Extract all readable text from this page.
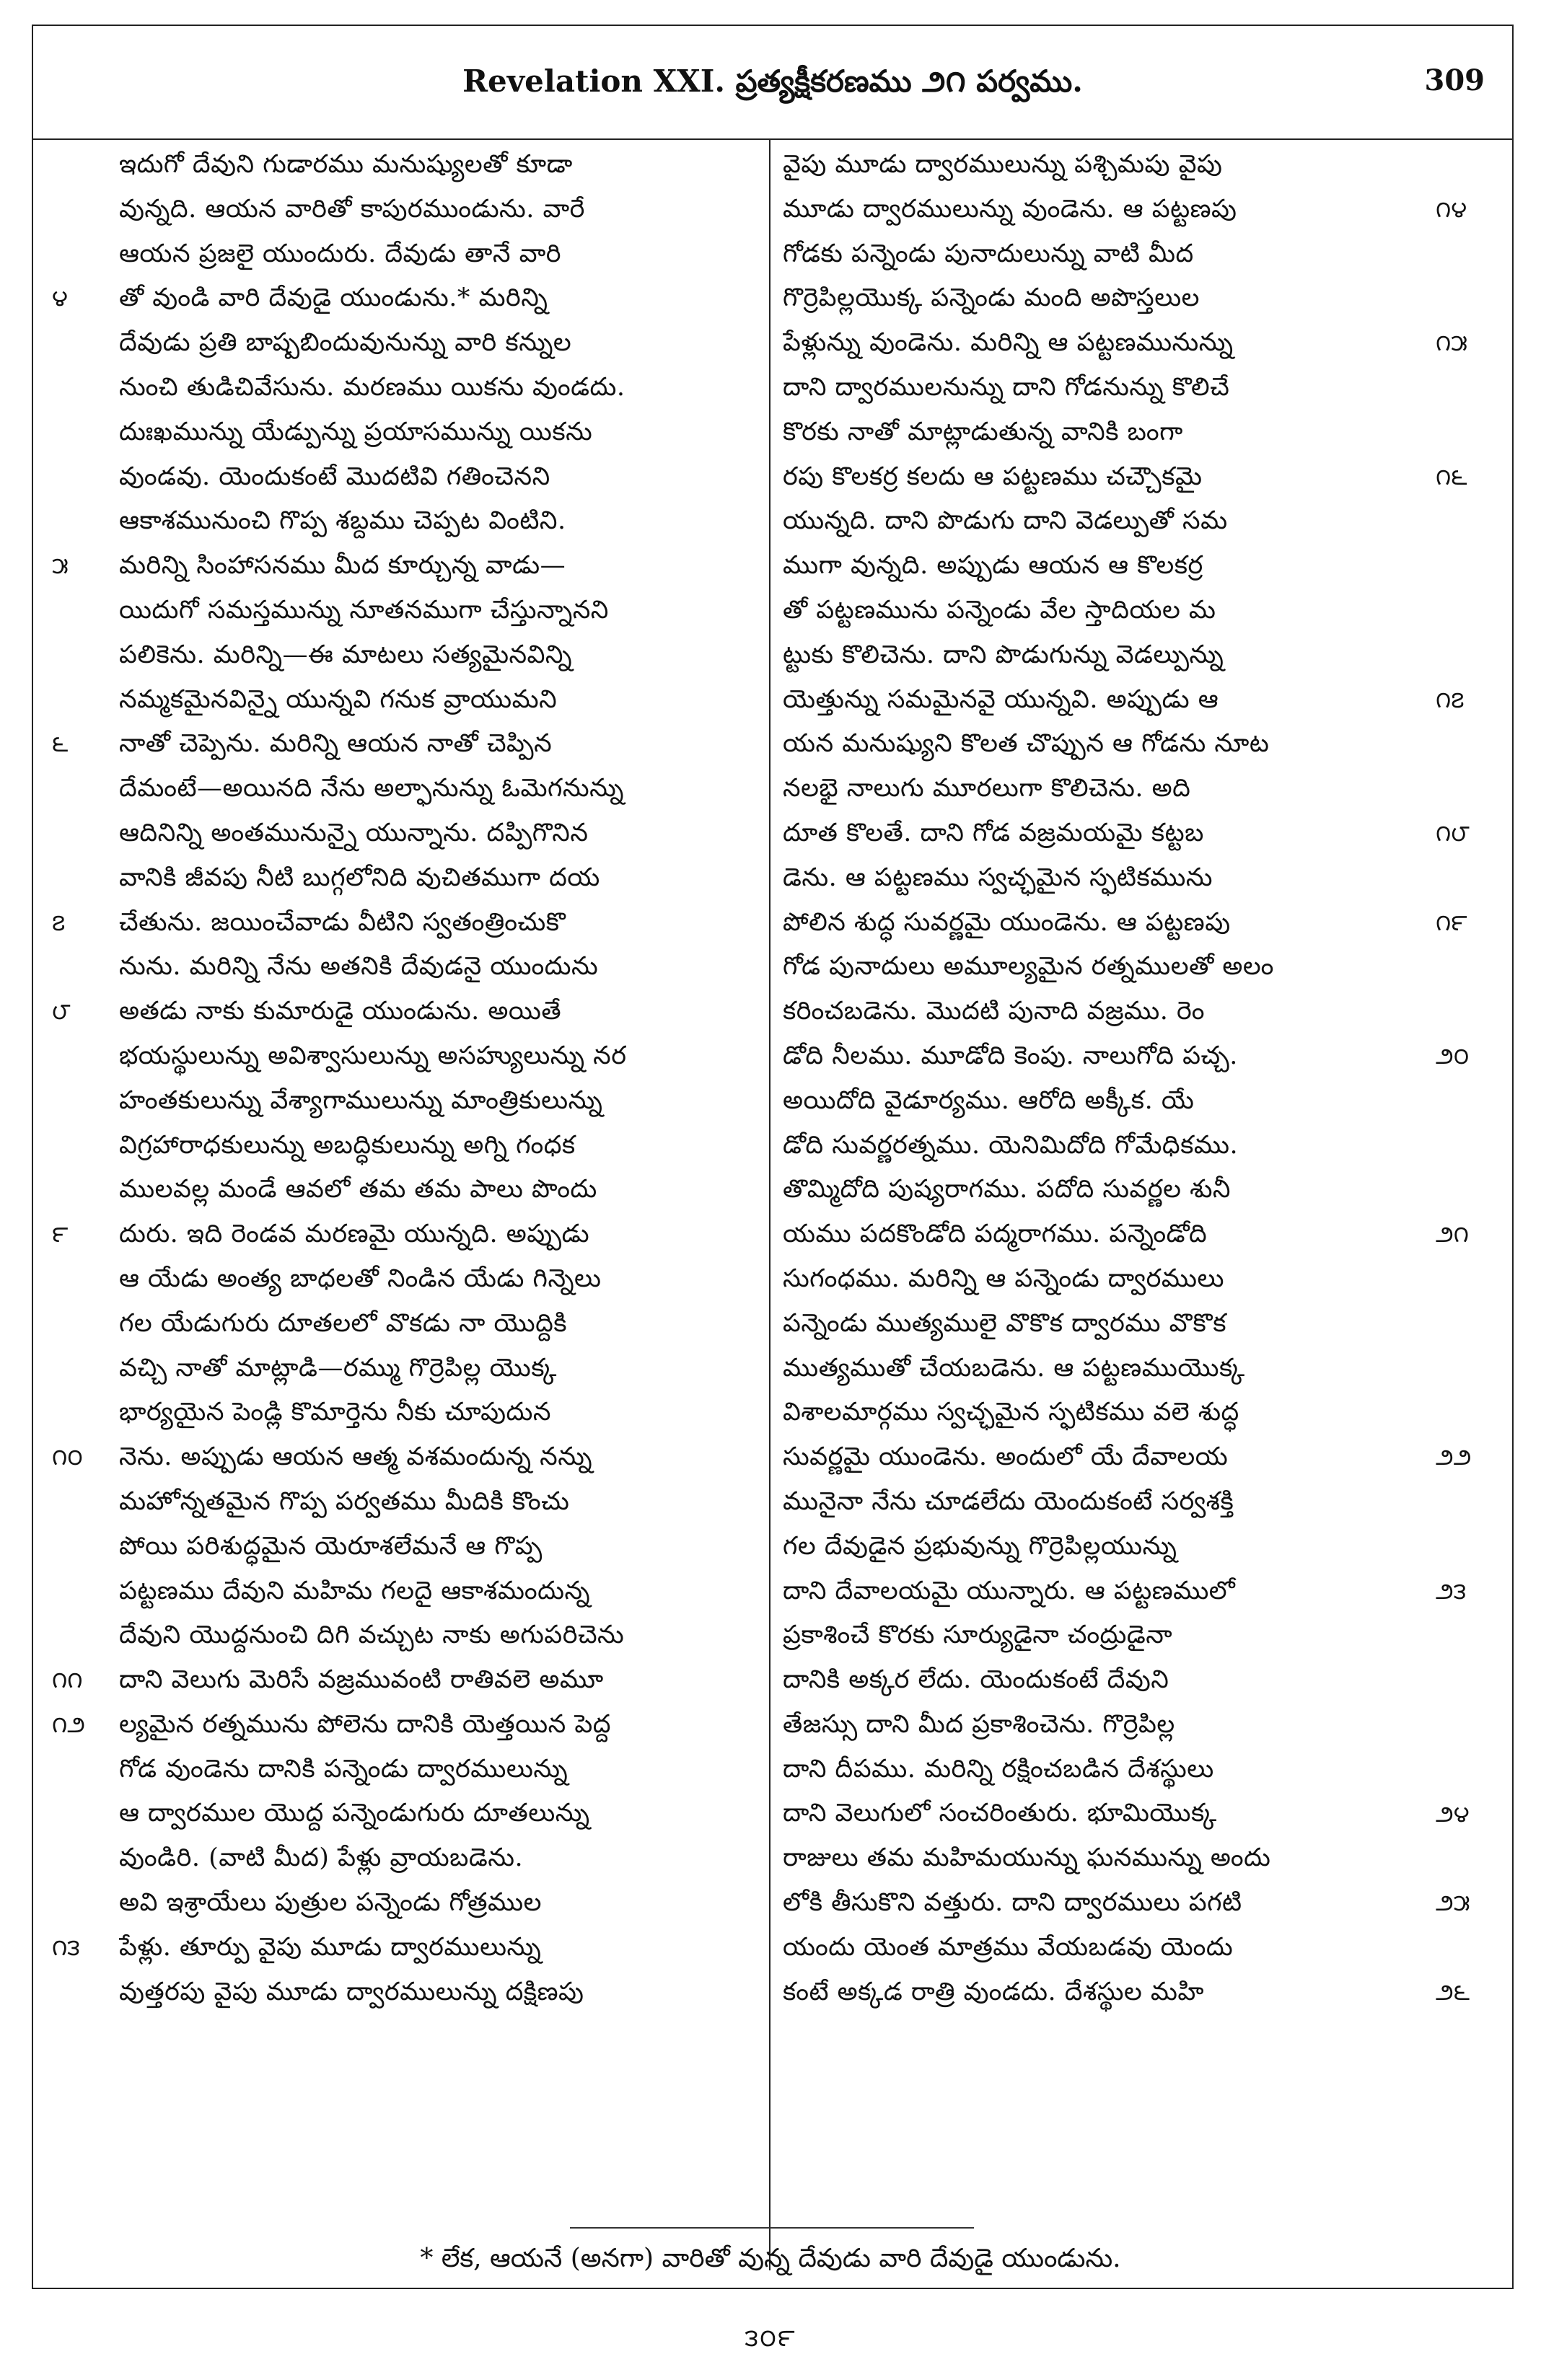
Revelation XXI. ప్రత్యక్షీకరణము ౨౧ పర్వము.	309
ఇదుగో దేవుని గుడారము మనుష్యులతో కూడా
వున్నది. ఆయన వారితో కాపురముండును. వారే
ఆయన ప్రజలై యుందురు. దేవుడు తానే వారి
తో వుండి వారి దేవుడై యుండును.* మరిన్ని
దేవుడు ప్రతి బాష్పబిందువునున్ను వారి కన్నుల
నుంచి తుడిచివేసును. మరణము యికను వుండదు.
దుఃఖమున్ను యేడ్పున్ను ప్రయాసమున్ను యికను
వుండవు. యెందుకంటే మొదటివి గతించెనని
ఆకాశమునుంచి గొప్ప శబ్దము చెప్పట వింటిని.
మరిన్ని సింహాసనము మీద కూర్చున్న వాడు—
యిదుగో సమస్తమున్ను నూతనముగా చేస్తున్నానని
పలికెను. మరిన్ని—ఈ మాటలు సత్యమైనవిన్ని
నమ్మకమైనవిన్నై యున్నవి గనుక వ్రాయుమని
నాతో చెప్పెను. మరిన్ని ఆయన నాతో చెప్పిన
దేమంటే—అయినది నేను అల్ఫానున్ను ఓమెగనున్ను
ఆదినిన్ని అంతమునున్నై యున్నాను. దప్పిగొనిన
వానికి జీవపు నీటి బుగ్గలోనిది వుచితముగా దయ
చేతును. జయించేవాడు వీటిని స్వతంత్రించుకొ
నును. మరిన్ని నేను అతనికి దేవుడనై యుందును
అతడు నాకు కుమారుడై యుండును. అయితే
భయస్థులున్ను అవిశ్వాసులున్ను అసహ్యులున్ను నర
హంతకులున్ను వేశ్యాగాములున్ను మాంత్రికులున్ను
విగ్రహారాధకులున్ను అబద్ధికులున్ను అగ్ని గంధక
ములవల్ల మండే ఆవలో తమ తమ పాలు పొందు
దురు. ఇది రెండవ మరణమై యున్నది. అప్పుడు
ఆ యేడు అంత్య బాధలతో నిండిన యేడు గిన్నెలు
గల యేడుగురు దూతలలో వొకడు నా యొద్దికి
వచ్చి నాతో మాట్లాడి—రమ్ము గొర్రెపిల్ల యొక్క
భార్యయైన పెండ్లి కొమార్తెను నీకు చూపుదున
నెను. అప్పుడు ఆయన ఆత్మ వశమందున్న నన్ను
మహోన్నతమైన గొప్ప పర్వతము మీదికి కొంచు
పోయి పరిశుద్ధమైన యెరూశలేమనే ఆ గొప్ప
పట్టణము దేవుని మహిమ గలదై ఆకాశమందున్న
దేవుని యొద్దనుంచి దిగి వచ్చుట నాకు అగుపరిచెను
దాని వెలుగు మెరిసే వజ్రమువంటి రాతివలె అమూ
ల్యమైన రత్నమును పోలెను దానికి యెత్తయిన పెద్ద
గోడ వుండెను దానికి పన్నెండు ద్వారములున్ను
ఆ ద్వారముల యొద్ద పన్నెండుగురు దూతలున్ను
వుండిరి. (వాటి మీద) పేళ్లు వ్రాయబడెను.
అవి ఇశ్రాయేలు పుత్రుల పన్నెండు గోత్రముల
పేళ్లు. తూర్పు వైపు మూడు ద్వారములున్ను
వుత్తరపు వైపు మూడు ద్వారములున్ను దక్షిణపు
వైపు మూడు ద్వారములున్ను పశ్చిమపు వైపు
మూడు ద్వారములున్ను వుండెను. ఆ పట్టణపు
గోడకు పన్నెండు పునాదులున్ను వాటి మీద
గొర్రెపిల్లయొక్క పన్నెండు మంది అపొస్తలుల
పేళ్లున్ను వుండెను. మరిన్ని ఆ పట్టణమునున్ను
దాని ద్వారములనున్ను దాని గోడనున్ను కొలిచే
కొరకు నాతో మాట్లాడుతున్న వానికి బంగా
రపు కొలకర్ర కలదు ఆ పట్టణము చచ్చౌకమై
యున్నది. దాని పొడుగు దాని వెడల్పుతో సమ
ముగా వున్నది. అప్పుడు ఆయన ఆ కొలకర్ర
తో పట్టణమును పన్నెండు వేల స్తాదియల మ
ట్టుకు కొలిచెను. దాని పొడుగున్ను వెడల్పున్ను
యెత్తున్ను సమమైనవై యున్నవి. అప్పుడు ఆ
యన మనుష్యుని కొలత చొప్పున ఆ గోడను నూట
నలభై నాలుగు మూరలుగా కొలిచెను. అది
దూత కొలతే. దాని గోడ వజ్రమయమై కట్టబ
డెను. ఆ పట్టణము స్వచ్ఛమైన స్ఫటికమును
పోలిన శుద్ధ సువర్ణమై యుండెను. ఆ పట్టణపు
గోడ పునాదులు అమూల్యమైన రత్నములతో అలం
కరించబడెను. మొదటి పునాది వజ్రము. రెం
డోది నీలము. మూడోది కెంపు. నాలుగోది పచ్చ.
అయిదోది వైడూర్యము. ఆరోది అక్కీక. యే
డోది సువర్ణరత్నము. యెనిమిదోది గోమేధికము.
తొమ్మిదోది పుష్యరాగము. పదోది సువర్ణల శునీ
యము పదకొండోది పద్మరాగము. పన్నెండోది
సుగంధము. మరిన్ని ఆ పన్నెండు ద్వారములు
పన్నెండు ముత్యములై వొకొక ద్వారము వొకొక
ముత్యముతో చేయబడెను. ఆ పట్టణముయొక్క
విశాలమార్గము స్వచ్ఛమైన స్ఫటికము వలె శుద్ధ
సువర్ణమై యుండెను. అందులో యే దేవాలయ
మునైనా నేను చూడలేదు యెందుకంటే సర్వశక్తి
గల దేవుడైన ప్రభువున్ను గొర్రెపిల్లయున్ను
దాని దేవాలయమై యున్నారు. ఆ పట్టణములో
ప్రకాశించే కొరకు సూర్యుడైనా చంద్రుడైనా
దానికి అక్కర లేదు. యెందుకంటే దేవుని
తేజస్సు దాని మీద ప్రకాశించెను. గొర్రెపిల్ల
దాని దీపము. మరిన్ని రక్షించబడిన దేశస్థులు
దాని వెలుగులో సంచరింతురు. భూమియొక్క
రాజులు తమ మహిమయున్ను ఘనమున్ను అందు
లోకి తీసుకొని వత్తురు. దాని ద్వారములు పగటి
యందు యెంత మాత్రము వేయబడవు యెందు
కంటే అక్కడ రాత్రి వుండదు. దేశస్థుల మహి
౪
౫
౬
౭
౮
౯
౧౦
౧౧
౧౨
౧౩
౧౪
౧౫
౧౬
౧౭
౧౮
౧౯
౨౦
౨౧
౨౨
౨౩
౨౪
౨౫
౨౬
* లేక, ఆయనే (అనగా) వారితో వున్న దేవుడు వారి దేవుడై యుండును.
౩౦౯
